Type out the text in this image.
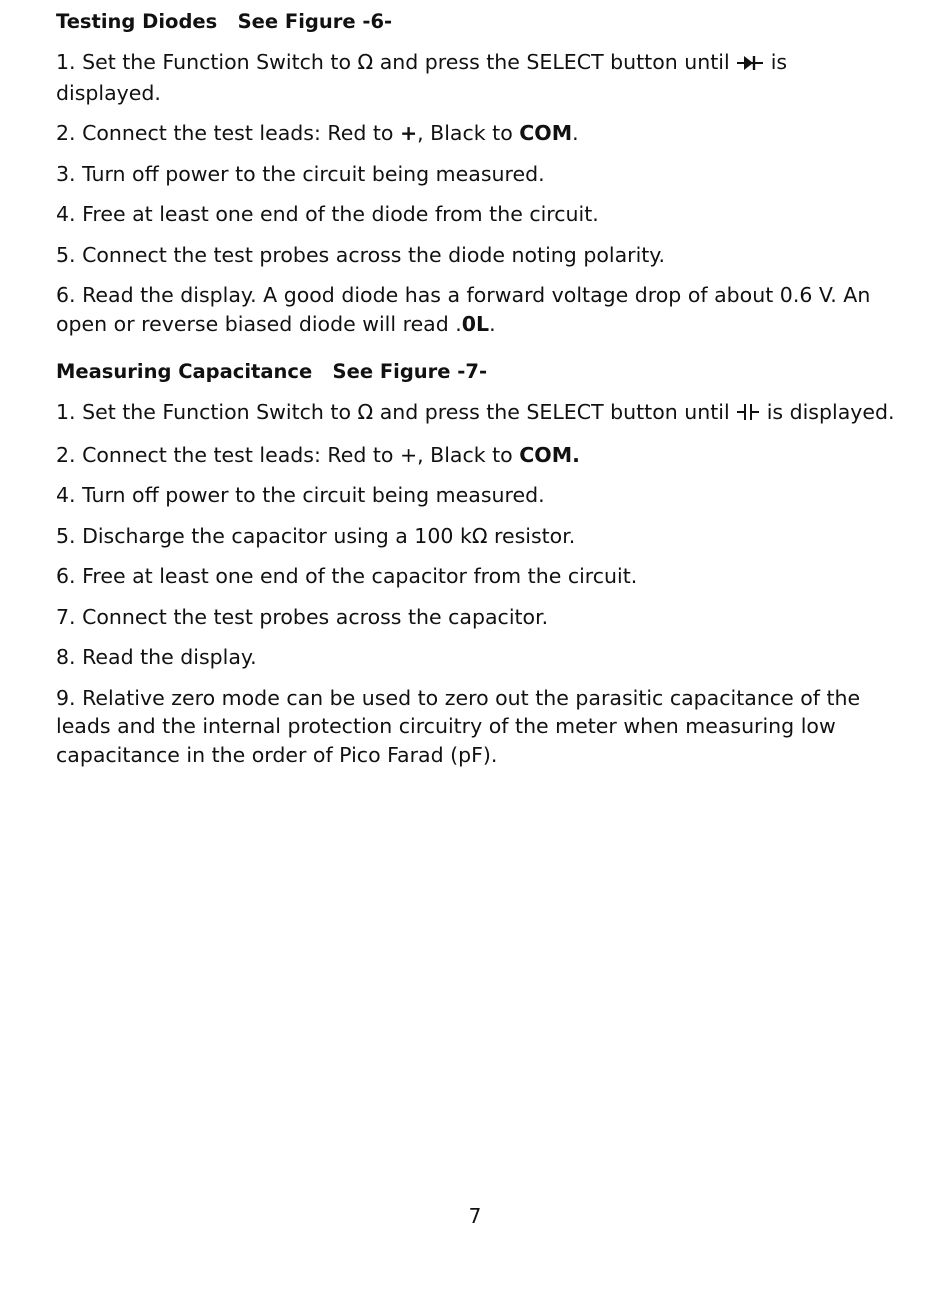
Testing Diodes   See Figure -6-

1. Set the Function Switch to Ω and press the SELECT button until  is displayed.

2. Connect the test leads: Red to +, Black to COM.

3. Turn off power to the circuit being measured.

4. Free at least one end of the diode from the circuit.

5. Connect the test probes across the diode noting polarity.

6. Read the display. A good diode has a forward voltage drop of about 0.6 V. An open or reverse biased diode will read .0L.

Measuring Capacitance   See Figure -7-

1. Set the Function Switch to Ω and press the SELECT button until  is displayed.

2. Connect the test leads: Red to +, Black to COM.

4. Turn off power to the circuit being measured.

5. Discharge the capacitor using a 100 kΩ resistor.

6. Free at least one end of the capacitor from the circuit.

7. Connect the test probes across the capacitor.

8. Read the display.

9. Relative zero mode can be used to zero out the parasitic capacitance of the leads and the internal protection circuitry of the meter when measuring low capacitance in the order of Pico Farad (pF).

7
